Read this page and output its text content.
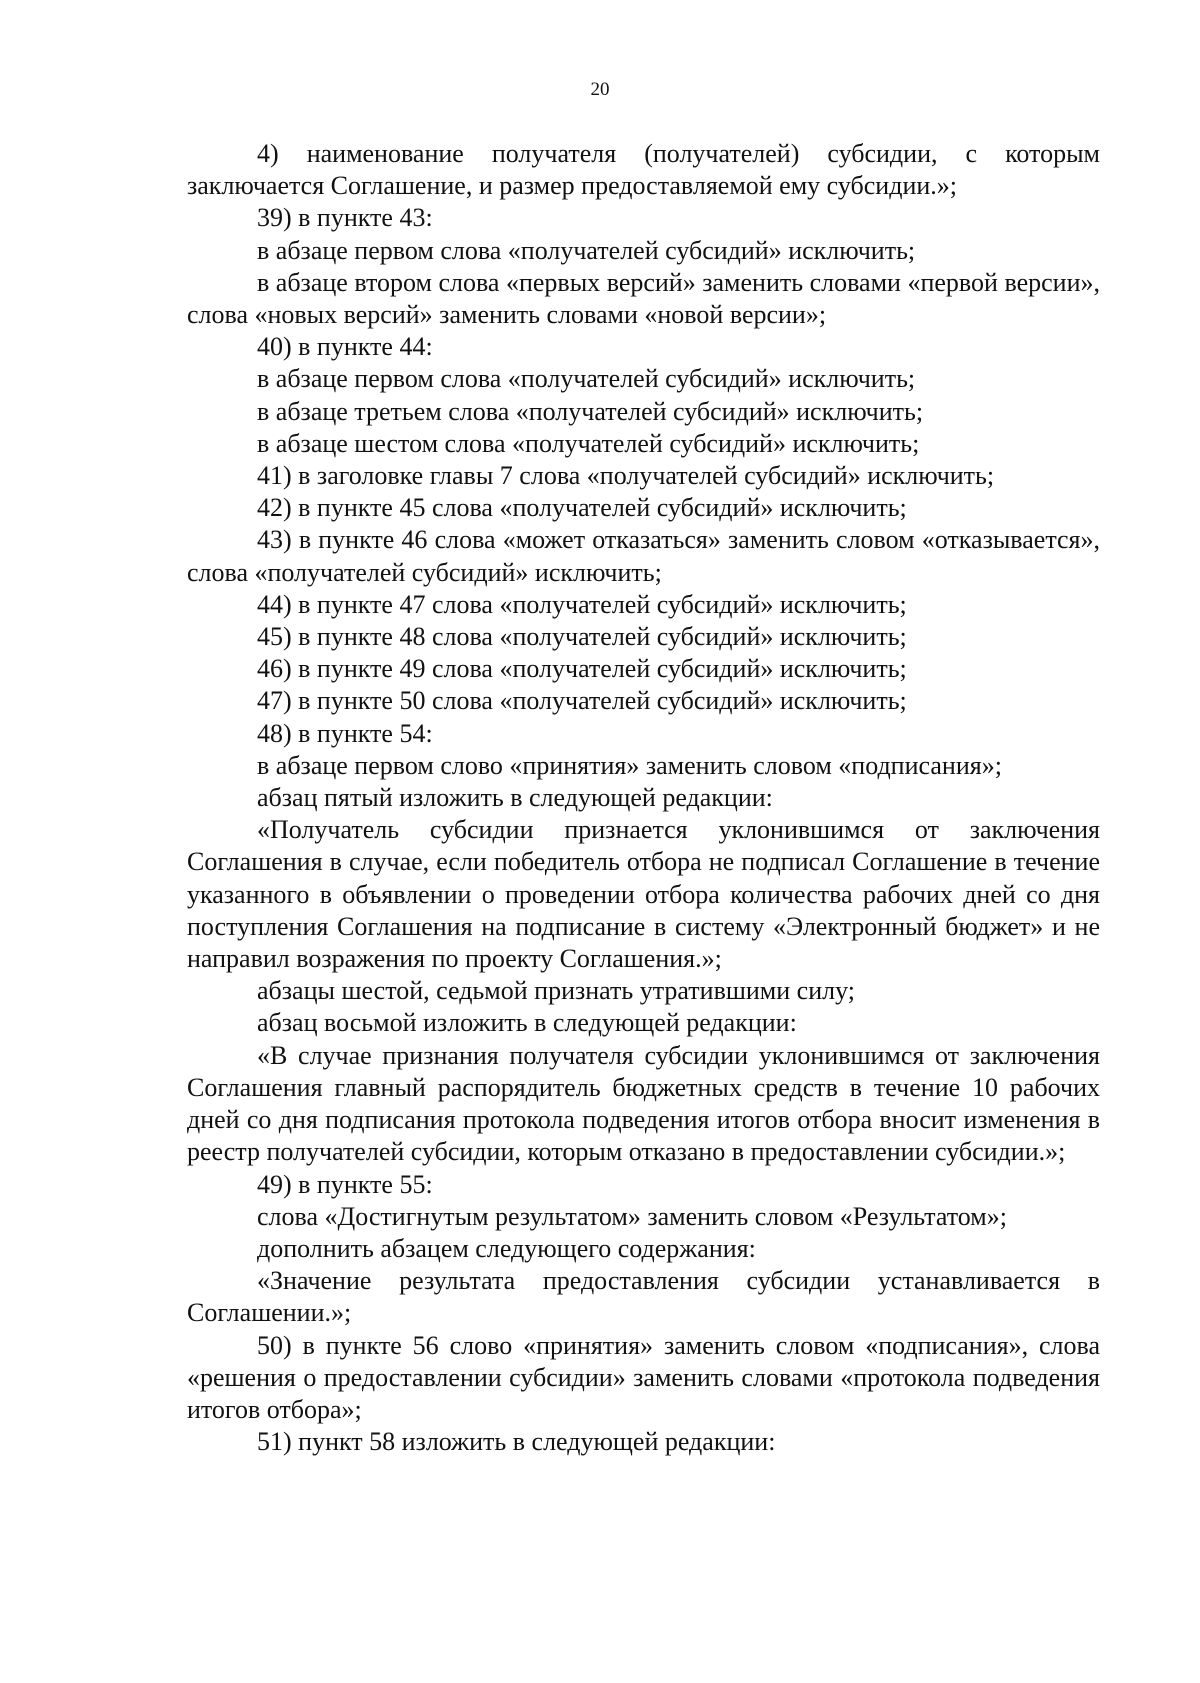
20

4) наименование получателя (получателей) субсидии, с которым заключается Соглашение, и размер предоставляемой ему субсидии.»;

39) в пункте 43:

в абзаце первом слова «получателей субсидий» исключить;

в абзаце втором слова «первых версий» заменить словами «первой версии», слова «новых версий» заменить словами «новой версии»;

40) в пункте 44:

в абзаце первом слова «получателей субсидий» исключить;

в абзаце третьем слова «получателей субсидий» исключить;

в абзаце шестом слова «получателей субсидий» исключить;

41) в заголовке главы 7 слова «получателей субсидий» исключить;

42) в пункте 45 слова «получателей субсидий» исключить;

43) в пункте 46 слова «может отказаться» заменить словом «отказывается», слова «получателей субсидий» исключить;

44) в пункте 47 слова «получателей субсидий» исключить;

45) в пункте 48 слова «получателей субсидий» исключить;

46) в пункте 49 слова «получателей субсидий» исключить;

47) в пункте 50 слова «получателей субсидий» исключить;

48) в пункте 54:

в абзаце первом слово «принятия» заменить словом «подписания»;

абзац пятый изложить в следующей редакции:

«Получатель субсидии признается уклонившимся от заключения Соглашения в случае, если победитель отбора не подписал Соглашение в течение указанного в объявлении о проведении отбора количества рабочих дней со дня поступления Соглашения на подписание в систему «Электронный бюджет» и не направил возражения по проекту Соглашения.»;

абзацы шестой, седьмой признать утратившими силу;

абзац восьмой изложить в следующей редакции:

«В случае признания получателя субсидии уклонившимся от заключения Соглашения главный распорядитель бюджетных средств в течение 10 рабочих дней со дня подписания протокола подведения итогов отбора вносит изменения в реестр получателей субсидии, которым отказано в предоставлении субсидии.»;

49) в пункте 55:

слова «Достигнутым результатом» заменить словом «Результатом»;

дополнить абзацем следующего содержания:

«Значение результата предоставления субсидии устанавливается в Соглашении.»;

50) в пункте 56 слово «принятия» заменить словом «подписания», слова «решения о предоставлении субсидии» заменить словами «протокола подведения итогов отбора»;

51) пункт 58 изложить в следующей редакции:
